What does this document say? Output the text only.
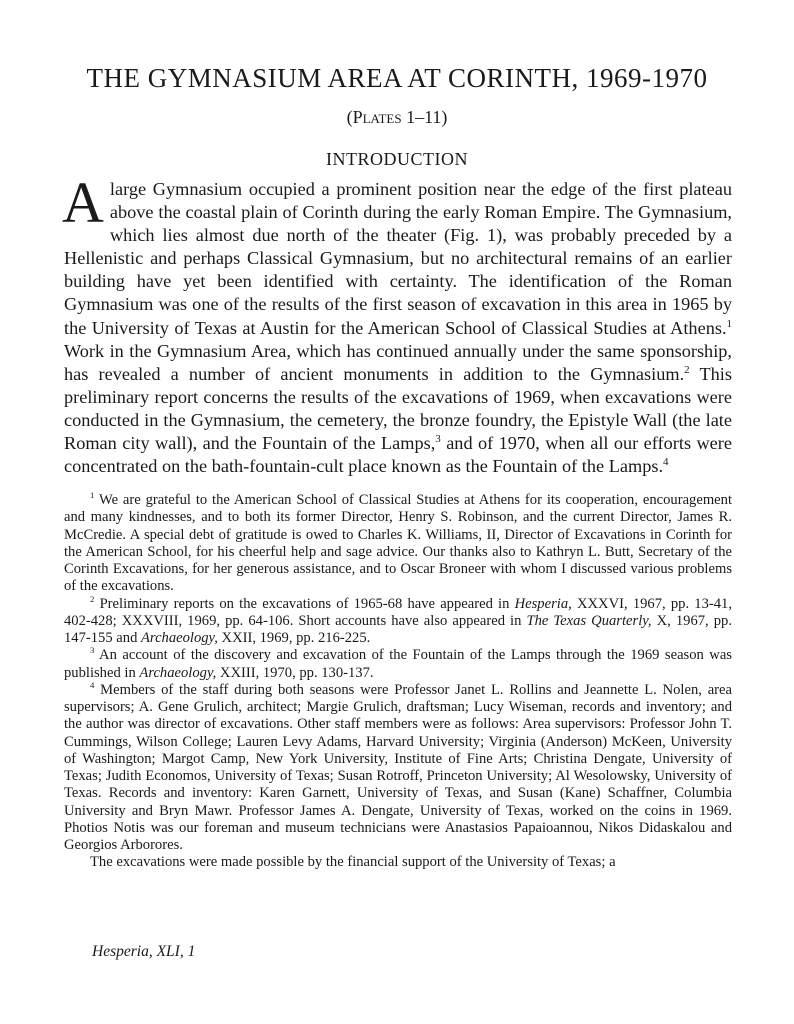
THE GYMNASIUM AREA AT CORINTH, 1969-1970
(Plates 1–11)
INTRODUCTION
Alarge Gymnasium occupied a prominent position near the edge of the first plateau above the coastal plain of Corinth during the early Roman Empire. The Gymnasium, which lies almost due north of the theater (Fig. 1), was probably preceded by a Hellenistic and perhaps Classical Gymnasium, but no architectural remains of an earlier building have yet been identified with certainty. The identification of the Roman Gymnasium was one of the results of the first season of excavation in this area in 1965 by the University of Texas at Austin for the American School of Classical Studies at Athens.$^1$ Work in the Gymnasium Area, which has continued annually under the same sponsorship, has revealed a number of ancient monuments in addition to the Gymnasium.$^2$ This preliminary report concerns the results of the excavations of 1969, when excavations were conducted in the Gymnasium, the cemetery, the bronze foundry, the Epistyle Wall (the late Roman city wall), and the Fountain of the Lamps,$^3$ and of 1970, when all our efforts were concentrated on the bath-fountain-cult place known as the Fountain of the Lamps.$^4$

$^1$ We are grateful to the American School of Classical Studies at Athens for its cooperation, encouragement and many kindnesses, and to both its former Director, Henry S. Robinson, and the current Director, James R. McCredie. A special debt of gratitude is owed to Charles K. Williams, II, Director of Excavations in Corinth for the American School, for his cheerful help and sage advice. Our thanks also to Kathryn L. Butt, Secretary of the Corinth Excavations, for her generous assistance, and to Oscar Broneer with whom I discussed various problems of the excavations.

$^2$ Preliminary reports on the excavations of 1965-68 have appeared in Hesperia, XXXVI, 1967, pp. 13-41, 402-428; XXXVIII, 1969, pp. 64-106. Short accounts have also appeared in The Texas Quarterly, X, 1967, pp. 147-155 and Archaeology, XXII, 1969, pp. 216-225.

$^3$ An account of the discovery and excavation of the Fountain of the Lamps through the 1969 season was published in Archaeology, XXIII, 1970, pp. 130-137.

$^4$ Members of the staff during both seasons were Professor Janet L. Rollins and Jeannette L. Nolen, area supervisors; A. Gene Grulich, architect; Margie Grulich, draftsman; Lucy Wiseman, records and inventory; and the author was director of excavations. Other staff members were as follows: Area supervisors: Professor John T. Cummings, Wilson College; Lauren Levy Adams, Harvard University; Virginia (Anderson) McKeen, University of Washington; Margot Camp, New York University, Institute of Fine Arts; Christina Dengate, University of Texas; Judith Economos, University of Texas; Susan Rotroff, Princeton University; Al Wesolowsky, University of Texas. Records and inventory: Karen Garnett, University of Texas, and Susan (Kane) Schaffner, Columbia University and Bryn Mawr. Professor James A. Dengate, University of Texas, worked on the coins in 1969. Photios Notis was our foreman and museum technicians were Anastasios Papaioannou, Nikos Didaskalou and Georgios Arborores.

The excavations were made possible by the financial support of the University of Texas; a

Hesperia, XLI, 1
